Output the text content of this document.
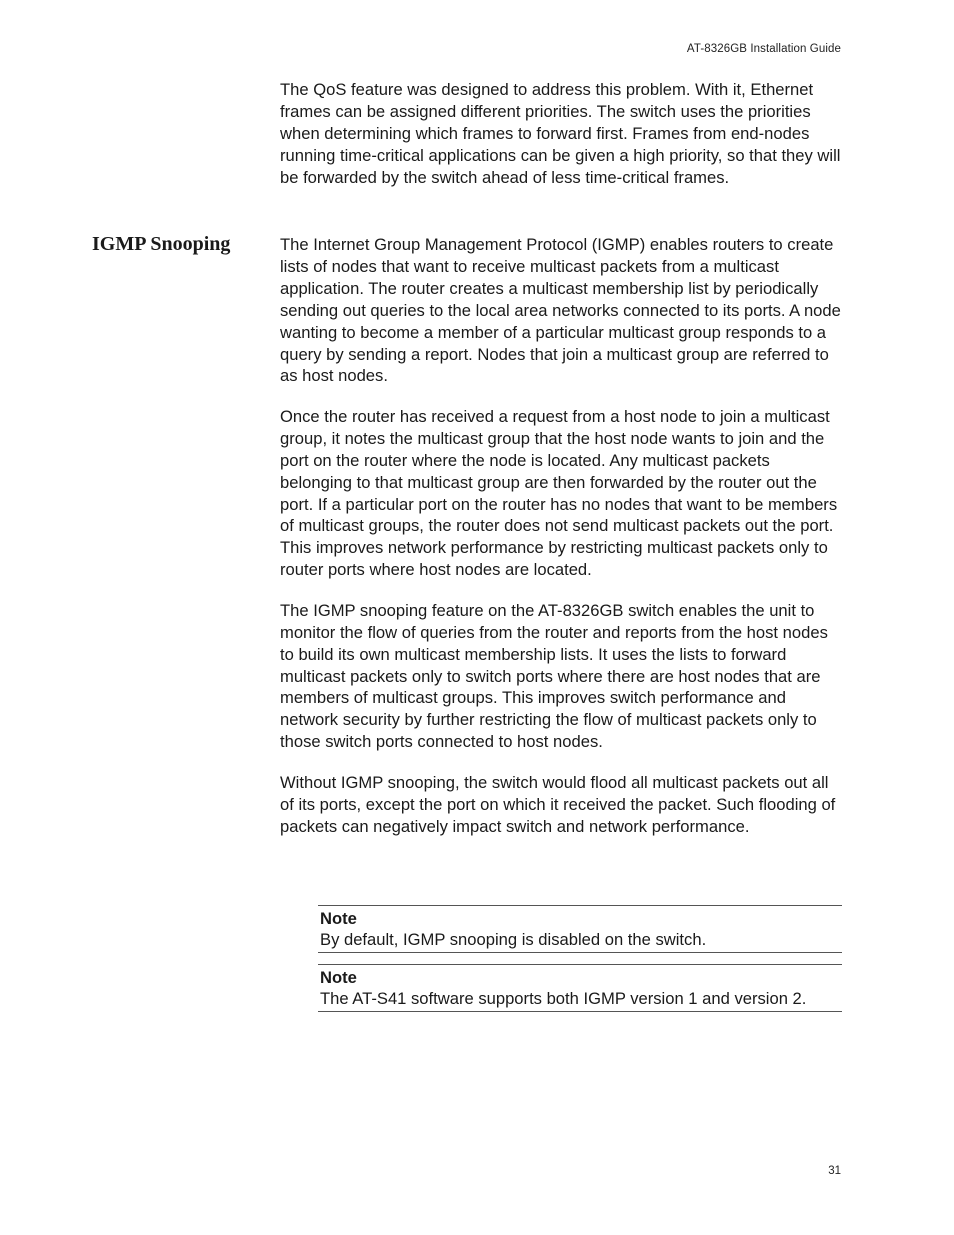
AT-8326GB Installation Guide

The QoS feature was designed to address this problem. With it, Ethernet frames can be assigned different priorities. The switch uses the priorities when determining which frames to forward first. Frames from end-nodes running time-critical applications can be given a high priority, so that they will be forwarded by the switch ahead of less time-critical frames.

IGMP Snooping	The Internet Group Management Protocol (IGMP) enables routers to create lists of nodes that want to receive multicast packets from a multicast application. The router creates a multicast membership list by periodically sending out queries to the local area networks connected to its ports. A node wanting to become a member of a particular multicast group responds to a query by sending a report. Nodes that join a multicast group are referred to as host nodes.

Once the router has received a request from a host node to join a multicast group, it notes the multicast group that the host node wants to join and the port on the router where the node is located. Any multicast packets belonging to that multicast group are then forwarded by the router out the port. If a particular port on the router has no nodes that want to be members of multicast groups, the router does not send multicast packets out the port. This improves network performance by restricting multicast packets only to router ports where host nodes are located.

The IGMP snooping feature on the AT-8326GB switch enables the unit to monitor the flow of queries from the router and reports from the host nodes to build its own multicast membership lists. It uses the lists to forward multicast packets only to switch ports where there are host nodes that are members of multicast groups. This improves switch performance and network security by further restricting the flow of multicast packets only to those switch ports connected to host nodes.

Without IGMP snooping, the switch would flood all multicast packets out all of its ports, except the port on which it received the packet. Such flooding of packets can negatively impact switch and network performance.

Note
By default, IGMP snooping is disabled on the switch.
Note
The AT-S41 software supports both IGMP version 1 and version 2.
31
